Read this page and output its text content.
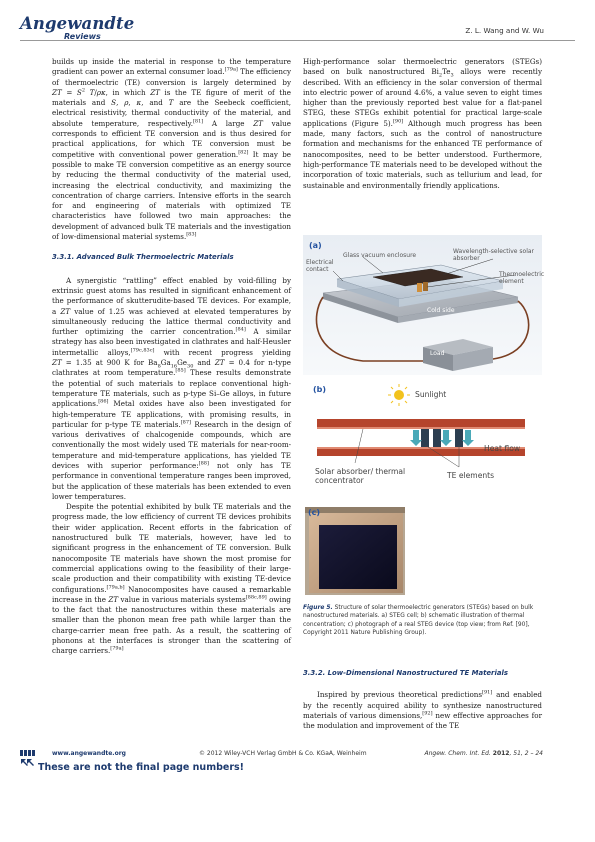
Angewandte
Reviews
Z. L. Wang and W. Wu

builds up inside the material in response to the temperature gradient can power an external consumer load.[79a] The efficiency of thermoelectric (TE) conversion is largely determined by ZT = $S^2$ T/ρκ, in which ZT is the TE figure of merit of the materials and S, ρ, κ, and T are the Seebeck coefficient, electrical resistivity, thermal conductivity of the material, and absolute temperature, respectively.[81] A large ZT value corresponds to efficient TE conversion and is thus desired for practical applications, for which TE conversion must be competitive with conventional power generation.[82] It may be possible to make TE conversion competitive as an energy source by reducing the thermal conductivity of the material used, increasing the electrical conductivity, and maximizing the concentration of charge carriers. Intensive efforts in the search for and engineering of materials with optimized TE characteristics have followed two main approaches: the development of advanced bulk TE materials and the investigation of low-dimensional material systems.[83]

3.3.1. Advanced Bulk Thermoelectric Materials

A synergistic “rattling” effect enabled by void-filling by extrinsic guest atoms has resulted in significant enhancement of the performance of skutterudite-based TE devices. For example, a ZT value of 1.25 was achieved at elevated temperatures by simultaneously reducing the lattice thermal conductivity and further optimizing the carrier concentration.[84] A similar strategy has also been investigated in clathrates and half-Heusler intermetallic alloys,[79c,83c] with recent progress yielding ZT = 1.35 at 900 K for $Ba_8Ga_{16}Ge_{30}$ and ZT = 0.4 for n-type clathrates at room temperature.[85] These results demonstrate the potential of such materials to replace conventional high-temperature TE materials, such as p-type Si–Ge alloys, in future applications.[86] Metal oxides have also been investigated for high-temperature TE applications, with promising results, in particular for p-type TE materials.[87] Research in the design of various derivatives of chalcogenide compounds, which are conventionally the most widely used TE materials for near-room-temperature and mid-temperature applications, has yielded TE devices with superior performance:[88] not only has TE performance in conventional temperature ranges been improved, but the application of these materials has been extended to even lower temperatures.

Despite the potential exhibited by bulk TE materials and the progress made, the low efficiency of current TE devices prohibits their wider application. Recent efforts in the fabrication of nanostructured bulk TE materials, however, have led to significant progress in the enhancement of TE conversion. Bulk nanocomposite TE materials have shown the most promise for commercial applications owing to the feasibility of their large-scale production and their compatibility with existing TE-device configurations.[79a,b] Nanocomposites have caused a remarkable increase in the ZT value in various materials systems[88c,89] owing to the fact that the nanostructures within these materials are smaller than the phonon mean free path while larger than the charge-carrier mean free path. As a result, the scattering of phonons at the interfaces is stronger than the scattering of charge carriers.[79a]

High-performance solar thermoelectric generators (STEGs) based on bulk nanostructured $Bi_2Te_3$ alloys were recently described. With an efficiency in the solar conversion of thermal into electric power of around 4.6%, a value seven to eight times higher than the previously reported best value for a flat-panel STEG, these STEGs exhibit potential for practical large-scale applications (Figure 5).[90] Although much progress has been made, many factors, such as the control of nanostructure formation and mechanisms for the enhanced TE performance of nanocomposites, need to be better understood. Furthermore, high-performance TE materials need to be developed without the incorporation of toxic materials, such as tellurium and lead, for sustainable and environmentally friendly applications.

(a)
Glass vacuum enclosure
Wavelength-selective solar absorber
Electrical contact
Thermoelectric element
Cold side
Load
(b)
Sunlight
Heat flow
Solar absorber/ thermal concentrator
TE elements
(c)
Figure 5. Structure of solar thermoelectric generators (STEGs) based on bulk nanostructured materials. a) STEG cell; b) schematic illustration of thermal concentration; c) photograph of a real STEG device (top view; from Ref. [90], Copyright 2011 Nature Publishing Group).
3.3.2. Low-Dimensional Nanostructured TE Materials

Inspired by previous theoretical predictions[91] and enabled by the recently acquired ability to synthesize nanostructured materials of various dimensions,[92] new effective approaches for the modulation and improvement of the TE

www.angewandte.org	© 2012 Wiley-VCH Verlag GmbH & Co. KGaA, Weinheim	Angew. Chem. Int. Ed. 2012, 51, 2 – 24
These are not the final page numbers!
